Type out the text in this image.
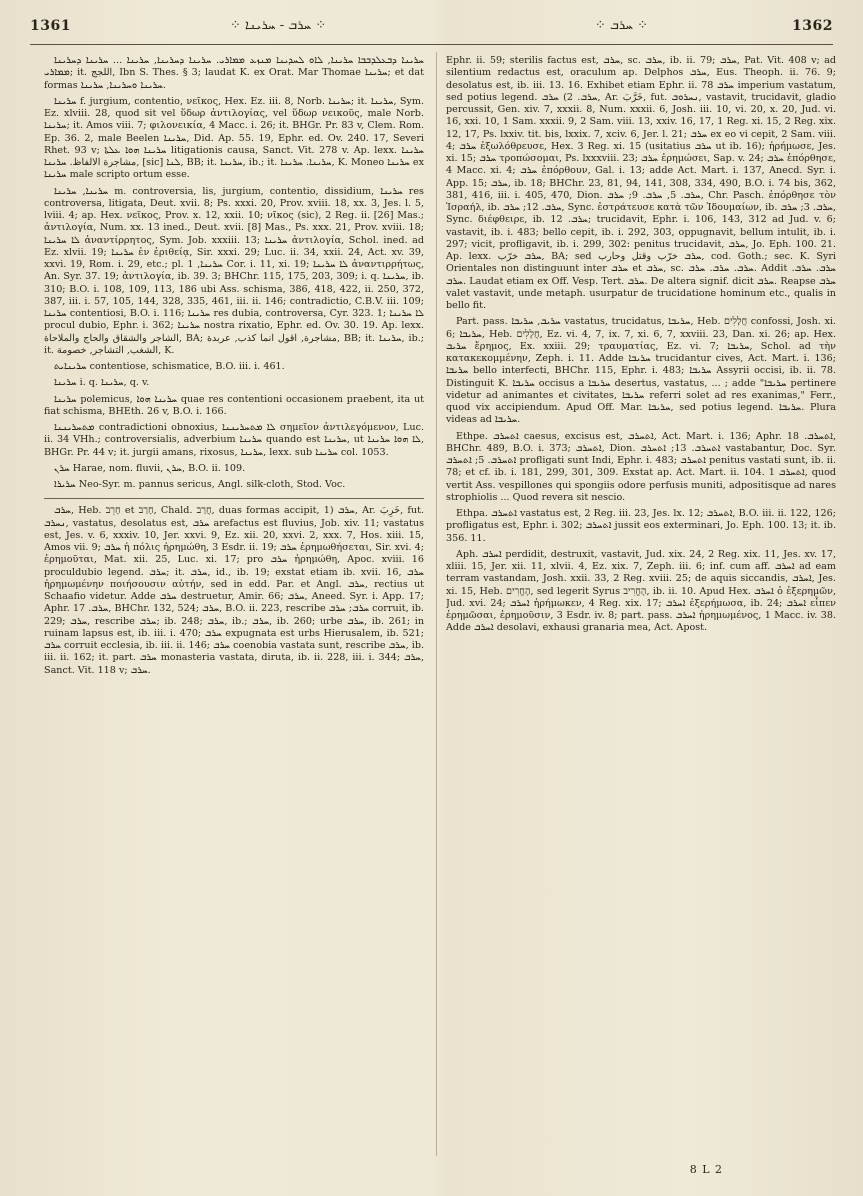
1361	⁘ ܚܪܒ - ܚܪܝܢܐ ⁘	⁘ ܚܪܒ ⁘	1362

ܚܪܝܢܐ ܕܒܥܠܕܒܒܐ ܚܪܝܢܐ, ܠܐܘ ܠܚܕܝܢܐ ܡܢܙܥ ܡܡܐܪܝ. ܚܪܝܢܐ ܕܚܪܝܢܐ, ܚܪܝܢܐ ... ܚܪܝܢܐ ܕܚܪܝܢܐ ܡܡܐܪܝ; it. اللجج, Ibn S. Thes. § 3; laudat K. ex Orat. Mar Thomae ܚܪܝܢܐ; et dat formas ܚܪܝܢܐ ܘܚܪܝܢܐ, ܚܪܝܢܐ.

ܚܪܝܢܐ f. jurgium, contentio, νεῖκος, Hex. Ez. iii. 8, Norb. ܚܪܝܢܐ; it. ܚܪܝܢܐ, Sym. Ez. xlviii. 28, quod sit vel ὕδωρ ἀντιλογίας, vel ὕδωρ νεικοῦς, male Norb. ܚܪܝܢܐ; it. Amos viii. 7; φιλονεικία, 4 Macc. i. 26; it. BHGr. Pr. 83 v, Clem. Rom. Ep. 36. 2, male Beelen ܚܪܝܢܐ, Did. Ap. 55. 19, Ephr. ed. Ov. 240. 17, Severi Rhet. 93 v; ܚܪܝܢܐ ܗܘܐ ܥܠܬܐ litigationis causa, Sanct. Vit. 278 v. Ap. lexx. ܚܪܝܢܐ مشاجرة الالفاظ. ܚܪܝܢܐ, [sic] ܠܢܐ, BB; it. ܚܪܝܢܐ, ib.; it. ܚܪܝܢܐ. ܚܪܝܢܐ, K. Moneo ܚܪܝܢܐ ex ܚܪܝܢܐ male scripto ortum esse.

ܚܪܝܢܐ, ܚܪܝܢܐ m. controversia, lis, jurgium, contentio, dissidium, ܚܪܝܢܐ res controversa, litigata, Deut. xvii. 8; Ps. xxxi. 20, Prov. xviii. 18, xx. 3, Jes. l. 5, lviii. 4; ap. Hex. νεῖκος, Prov. x. 12, xxii. 10; νῖκος (sic), 2 Reg. ii. [26] Mas.; ἀντιλογία, Num. xx. 13 ined., Deut. xvii. [8] Mas., Ps. xxx. 21, Prov. xviii. 18; ܠܐ ܚܪܝܢܐ ἀναντίρρητος, Sym. Job. xxxiii. 13; ܚܪܝܢܐ ἀντιλογία, Schol. ined. ad Ez. xlvii. 19; ܚܪܝܢܐ ἐν ἐριθείᾳ, Sir. xxxi. 29; Luc. ii. 34, xxii. 24, Act. xv. 39, xxvi. 19, Rom. i. 29, etc.; pl. ܚܪܝܢܐ, 1 Cor. i. 11, xi. 19; ܠܐ ܚܪܝܢܐ ἀναντιρρήτως, An. Syr. 37. 19; ἀντιλογία, ib. 39. 3; BHChr. 115, 175, 203, 309; i. q. ܚܪܝܢܐ, ib. 310; B.O. i. 108, 109, 113, 186 ubi Ass. schisma, 386, 418, 422, ii. 250, 372, 387, iii. i. 57, 105, 144, 328, 335, 461, iii. ii. 146; contradictio, C.B.V. iii. 109; ܚܪܝܢܐ contentiosi, B.O. i. 116; ܚܪܝܢܐ res dubia, controversa, Cyr. 323. 1; ܠܐ ܚܪܝܢܐ procul dubio, Ephr. i. 362; ܚܪܝܢܐ nostra rixatio, Ephr. ed. Ov. 30. 19. Ap. lexx. الشاجر والشقاق والحاج والملاحاة, BA; مشاجرة, اقول انما كذب, عربدة, BB; it. ܚܪܝܢܐ, ib.; it. الشغب, التشاجر, خصومة, K.

ܚܪܝܢܐܝܬ contentiose, schismatice, B.O. iii. i. 461.

ܚܪܝܢܐ i. q. ܚܪܝܢܐ, q. v.

ܚܪܝܢܐ polemicus, ܚܪܝܢܐ ܗܘܐ quae res contentioni occasionem praebent, ita ut fiat schisma, BHEth. 26 v, B.O. i. 166.

ܡܬܚܪܝܢܢܐ contradictioni obnoxius, ܠܐ ܡܬܚܪܝܢܢܐ σημεῖον ἀντιλεγόμενον, Luc. ii. 34 VHh.; controversialis, adverbium ܚܪܝܢܐ quando est ܚܪܝܢܐ, ut ܠܐ ܗܘܐ ܚܪܝܢܐ, BHGr. Pr. 44 v; it. jurgii amans, rixosus, ܚܪܝܢܐ, lexx. sub ܚܪܝܢܐ col. 1053.

ܚܪܢ Harae, nom. fluvii, ܚܪܢ, B.O. ii. 109.

ܚܪܝܪܐ Neo-Syr. m. pannus sericus, Angl. silk-cloth, Stod. Voc.

ܚܪܒ, Heb. חָרֵב et חָרַב, Chald. חֲרַב, duas formas accipit, 1) ܚܪܒ, Ar. خَرِبَ, fut. ܢܚܪܒ, vastatus, desolatus est, ܚܪܒ arefactus est fluvius, Job. xiv. 11; vastatus est, Jes. v. 6, xxxiv. 10, Jer. xxvi. 9, Ez. xii. 20, xxvi. 2, xxx. 7, Hos. xiii. 15, Amos vii. 9; ܚܪܒ ἡ πόλις ἠρημώθη, 3 Esdr. ii. 19; ܚܪܒ ἐρημωθήσεται, Sir. xvi. 4; ἐρημοῦται, Mat. xii. 25, Luc. xi. 17; pro ܚܪܒ ἠρημώθη, Apoc. xviii. 16 proculdubio legend. ܚܪܒ; it. ܚܪܒ, id., ib. 19; exstat etiam ib. xvii. 16, ܚܪܒ ἠρημωμένην ποιήσουσιν αὐτήν, sed in edd. Par. et Angl. ܚܪܒ, rectius ut Schaafio videtur. Adde ܚܪܒ destruetur, Amir. 66; ܚܪܒ, Aneed. Syr. i. App. 17; Aphr. ܚܪܒ. 17, BHChr. 132, 524; ܚܪܒ, B.O. ii. 223, rescribe ܚܪܒ; ܚܪܒ corruit, ib. 229; ܚܪܒ, rescribe ܚܪܒ; ib. 248; ܚܪܒ, ib.; ܚܪܒ, ib. 260; urbe ܚܪܒ, ib. 261; in ruinam lapsus est, ib. iii. i. 470; ܚܪܒ expugnata est urbs Hierusalem, ib. 521; ܚܪܒ corruit ecclesia, ib. iii. ii. 146; ܚܪܒ coenobia vastata sunt, rescribe ܚܪܒ, ib. iii. ii. 162; it. part. ܚܪܒ monasteria vastata, diruta, ib. ii. 228, iii. i. 344; ܚܪܒ, Sanct. Vit. 118 v; ܚܪܒ.

Ephr. ii. 59; sterilis factus est, ܚܪܒ, sc. ܚܪܒ, ib. ii. 79; ܚܪܒ, Pat. Vit. 408 v; ad silentium redactus est, oraculum ap. Delphos ܚܪܒ, Eus. Theoph. ii. 76. 9; desolatus est, ib. iii. 13. 16. Exhibet etiam Ephr. ii. 78 ܚܪܒ imperium vastatum, sed potius legend. ܚܪܒ. 2) ܚܪܒ, Ar. خَرَّبَ, fut. ܢܚܪܘܒ, vastavit, trucidavit, gladio percussit, Gen. xiv. 7, xxxii. 8, Num. xxxii. 6, Josh. iii. 10, vi. 20, x. 20, Jud. vi. 16, xxi. 10, 1 Sam. xxxii. 9, 2 Sam. viii. 13, xxiv. 16, 17, 1 Reg. xi. 15, 2 Reg. xix. 12, 17, Ps. lxxiv. tit. bis, lxxix. 7, xciv. 6, Jer. l. 21; ܚܪܒ ex eo vi cepit, 2 Sam. viii. 4; ܚܪܒ ἐξωλόθρευσε, Hex. 3 Reg. xi. 15 (usitatius ܚܪܒ ut ib. 16); ἠρήμωσε, Jes. xi. 15; ܚܪܒ τροπώσομαι, Ps. lxxxviii. 23; ܚܪܒ ἐρημώσει, Sap. v. 24; ܚܪܒ ἐπόρθησε, 4 Macc. xi. 4; ܚܪܒ ἐπόρθουν, Gal. i. 13; adde Act. Mart. i. 137, Anecd. Syr. i. App. 15; ܚܪܒ, ib. 18; BHChr. 23, 81, 94, 141, 308, 334, 490, B.O. i. 74 bis, 362, 381, 416, iii. i. 405, 470, Dion. ܚܪܒ. 5, ܚܪܒ. 9; ܚܪܒ, Chr. Pasch. ἐπόρθησε τὸν Ἰσραήλ, ib. ܚܪܒ. 12; ܚܪܒ, Sync. ἐστράτευσε κατὰ τῶν Ἰδουμαίων, ib. ܚܪܒ. 3; ܚܪܒ, Sync. διέφθειρε, ib. ܚܪܒ. 12; trucidavit, Ephr. i. 106, 143, 312 ad Jud. v. 6; vastavit, ib. i. 483; bello cepit, ib. i. 292, 303, oppugnavit, bellum intulit, ib. i. 297; vicit, profligavit, ib. i. 299, 302: penitus trucidavit, ܚܪܒ, Jo. Eph. 100. 21. Ap. lexx. ܚܪܒ خرّب, BA; sed ܚܪܒ خرّب وقتل وحارب, cod. Goth.; sec. K. Syri Orientales non distinguunt inter ܚܪܒ et ܚܪܒ, sc. ܚܪܒ. ܚܪܒ. ܚܪܒ. Addit ܚܪܒ. ܚܪܒ. ܚܪܒ. Laudat etiam ex Off. Vesp. Tert. ܚܪܒ. De altera signif. dicit ܚܪܒ. Reapse ܚܪܒ valet vastavit, unde metaph. usurpatur de trucidatione hominum etc., qualis in bello fit.

Part. pass. ܚܪܝܒ, ܚܪܝܒܐ vastatus, trucidatus, ܚܪܝܒܐ, Heb. חֲלָלִים confossi, Josh. xi. 6; ܚܪܝܒܐ, Heb. חֲלָלִים, Ez. vi. 4, 7, ix. 7, xi. 6, 7, xxviii. 23, Dan. xi. 26; ap. Hex. ܚܪܝܒ ἔρημος, Ex. xxiii. 29; τραυματίας, Ez. vi. 7; ܚܪܝܒܐ, Schol. ad τὴν κατακεκομμένην, Zeph. i. 11. Adde ܚܪܝܒܐ trucidantur cives, Act. Mart. i. 136; ܚܪܝܒܐ bello interfecti, BHChr. 115, Ephr. i. 483; ܚܪܝܒܐ Assyrii occisi, ib. ii. 78. Distinguit K. ܚܪܝܒܐ occisus a ܚܪܝܒܐ desertus, vastatus, ... ; adde "ܚܪܝܒܐ pertinere videtur ad animantes et civitates, ܚܪܝܒܐ referri solet ad res exanimas," Ferr., quod vix accipiendum. Apud Off. Mar. ܚܪܝܒܐ, sed potius legend. ܚܪܝܒܐ. Plura videas ad ܚܪܝܒܐ.

Ethpe. ܐܬܚܪܒ caesus, excisus est, ܐܬܚܪܒ, Act. Mart. i. 136; Aphr. ܐܬܚܪܒ. 18, BHChr. 489, B.O. i. 373; ܐܬܚܪܒ, Dion. ܐܬܚܪܒ. 13; ܐܬܚܪܒ vastabantur, Doc. Syr. ܐܬܚܪܒ. 5; ܐܬܚܪܒ profligati sunt Indi, Ephr. i. 483; ܐܬܚܪܒ penitus vastati sunt, ib. ii. 78; et cf. ib. i. 181, 299, 301, 309. Exstat ap. Act. Mart. ii. 104. 1 ܐܬܚܪܒ, quod vertit Ass. vespillones qui spongiis odore perfusis muniti, adpositisque ad nares strophiolis ... Quod revera sit nescio.

Ethpa. ܐܬܚܪܒ vastatus est, 2 Reg. iii. 23, Jes. lx. 12; ܐܬܚܪܒ, B.O. iii. ii. 122, 126; profligatus est, Ephr. i. 302; ܐܬܚܪܒ jussit eos exterminari, Jo. Eph. 100. 13; it. ib. 356. 11.

Aph. ܐܚܪܒ perdidit, destruxit, vastavit, Jud. xix. 24, 2 Reg. xix. 11, Jes. xv. 17, xliii. 15, Jer. xii. 11, xlvii. 4, Ez. xix. 7, Zeph. iii. 6; inf. cum aff. ܐܚܪܒ ad eam terram vastandam, Josh. xxii. 33, 2 Reg. xviii. 25; de aquis siccandis, ܐܚܪܒ, Jes. xi. 15, Heb. הֶחֱרִים, sed legerit Syrus הֶחֱרִיב, ib. ii. 10. Apud Hex. ܐܚܪܒ ὁ ἐξερημῶν, Jud. xvi. 24; ܐܚܪܒ ἠρήμωκεν, 4 Reg. xix. 17; ܐܚܪܒ ἐξερήμωσα, ib. 24; ܐܚܪܒ εἶπεν ἐρημῶσαι, ἐρημοῦσιν, 3 Esdr. iv. 8; part. pass. ܐܚܪܒ ἠρημωμένος, 1 Macc. iv. 38. Adde ܐܚܪܒ desolavi, exhausi granaria mea, Act. Apost.

8 L 2
